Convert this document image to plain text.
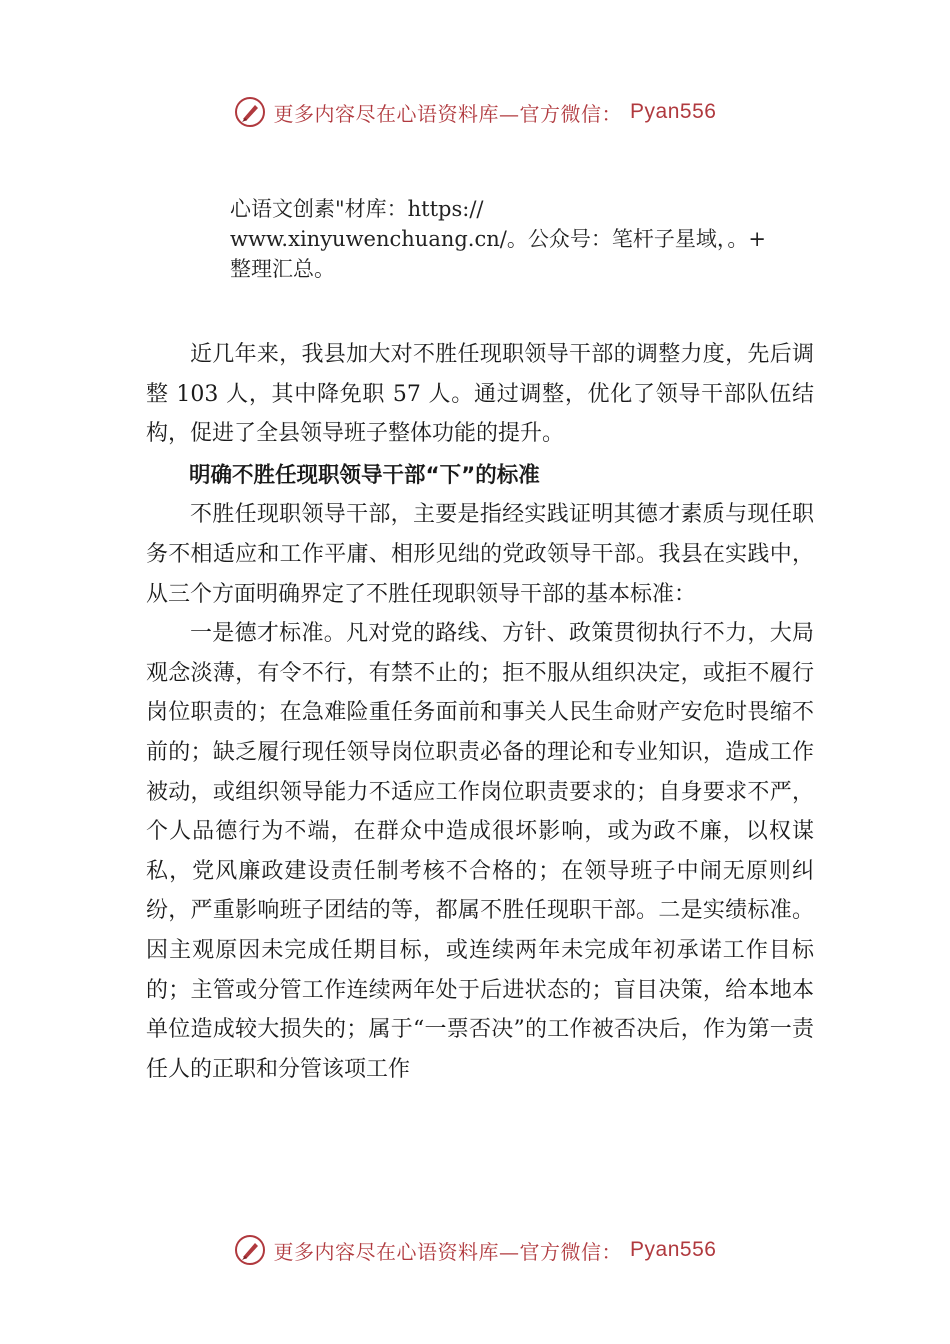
更多内容尽在心语资料库—官方微信： Pyan556
心语文创素"材库：https://
www.xinyuwenchuang.cn/。公众号：笔杆子星域，。+
整理汇总。

近几年来，我县加大对不胜任现职领导干部的调整力度，先后调整 103 人，其中降免职 57 人。通过调整，优化了领导干部队伍结构，促进了全县领导班子整体功能的提升。

明确不胜任现职领导干部“下”的标准

不胜任现职领导干部，主要是指经实践证明其德才素质与现任职务不相适应和工作平庸、相形见绌的党政领导干部。我县在实践中，从三个方面明确界定了不胜任现职领导干部的基本标准：

一是德才标准。凡对党的路线、方针、政策贯彻执行不力，大局观念淡薄，有令不行，有禁不止的；拒不服从组织决定，或拒不履行岗位职责的；在急难险重任务面前和事关人民生命财产安危时畏缩不前的；缺乏履行现任领导岗位职责必备的理论和专业知识，造成工作被动，或组织领导能力不适应工作岗位职责要求的；自身要求不严，个人品德行为不端，在群众中造成很坏影响，或为政不廉，以权谋私，党风廉政建设责任制考核不合格的；在领导班子中闹无原则纠纷，严重影响班子团结的等，都属不胜任现职干部。二是实绩标准。因主观原因未完成任期目标，或连续两年未完成年初承诺工作目标的；主管或分管工作连续两年处于后进状态的；盲目决策，给本地本单位造成较大损失的；属于“一票否决”的工作被否决后，作为第一责任人的正职和分管该项工作

更多内容尽在心语资料库—官方微信： Pyan556
